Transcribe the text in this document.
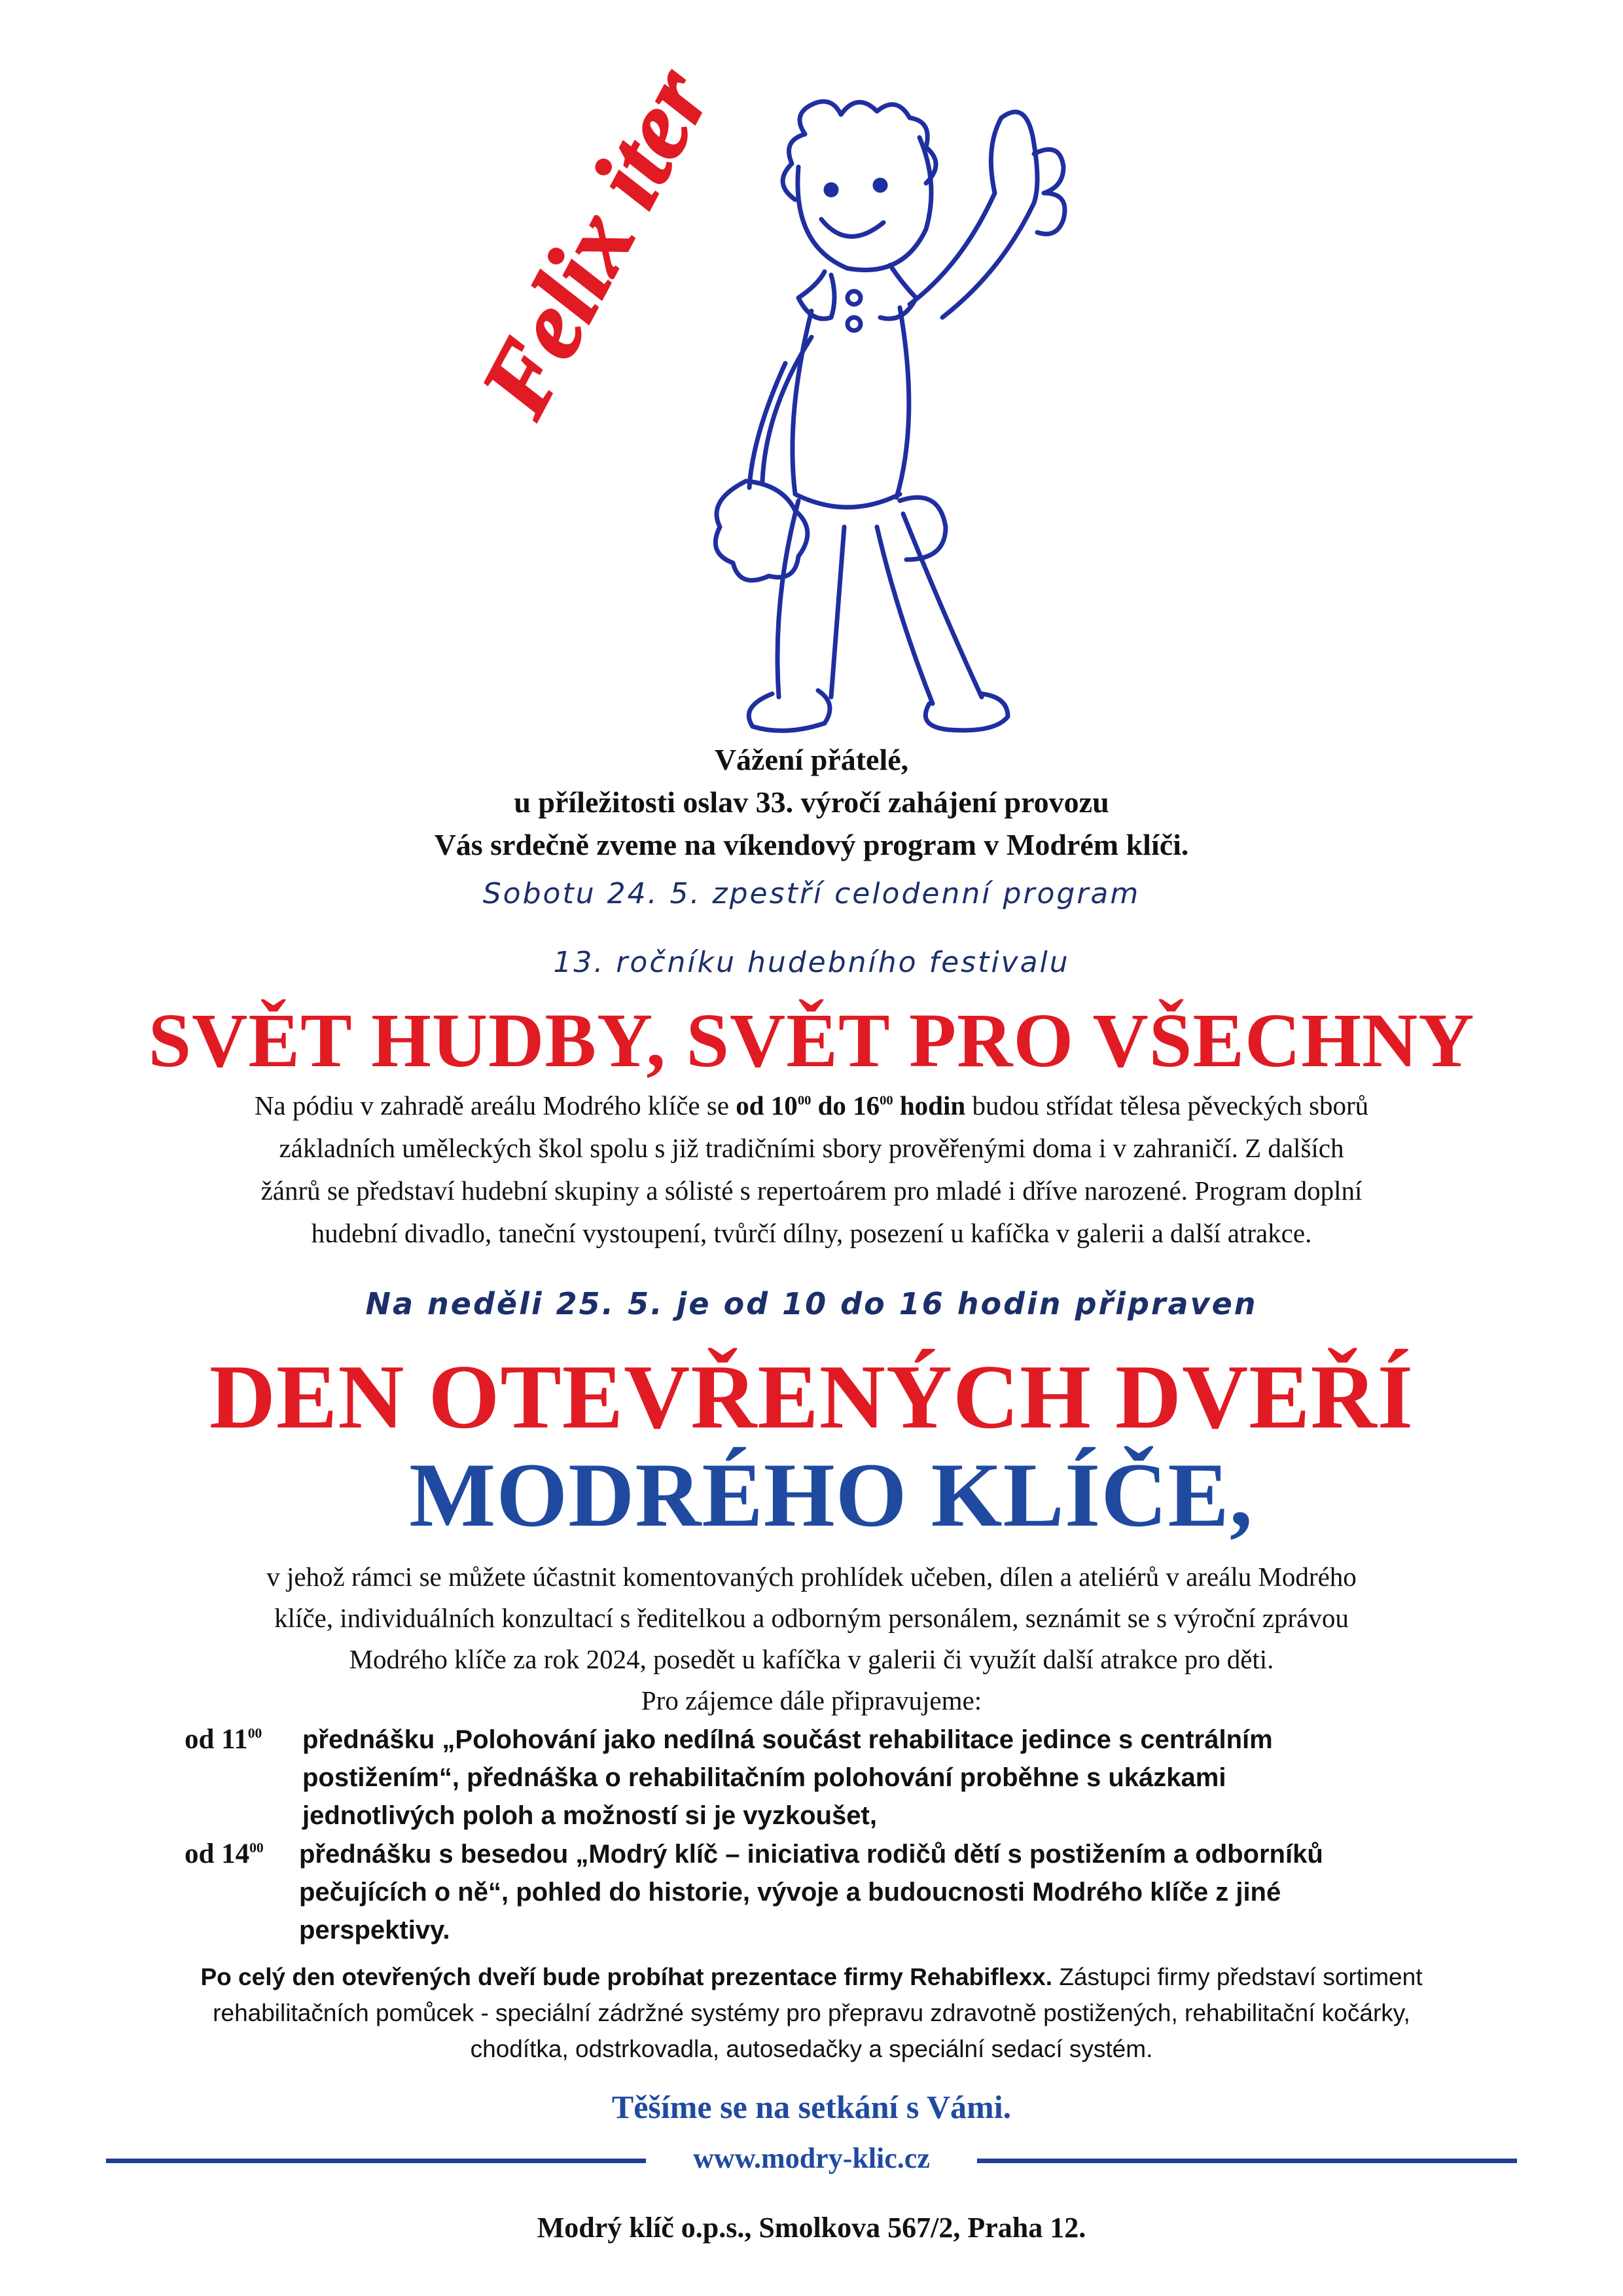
Felix iter
Vážení přátelé,
u příležitosti oslav 33. výročí zahájení provozu
Vás srdečně zveme na víkendový program v Modrém klíči.
Sobotu 24. 5. zpestří celodenní program
13. ročníku hudebního festivalu
SVĚT HUDBY, SVĚT PRO VŠECHNY
Na pódiu v zahradě areálu Modrého klíče se od $10^{00}$ do $16^{00}$ hodin budou střídat tělesa pěveckých sborů
základních uměleckých škol spolu s již tradičními sbory prověřenými doma i v zahraničí. Z dalších
žánrů se představí hudební skupiny a sólisté s repertoárem pro mladé i dříve narozené. Program doplní
hudební divadlo, taneční vystoupení, tvůrčí dílny, posezení u kafíčka v galerii a další atrakce.
Na neděli 25. 5. je od 10 do 16 hodin připraven
DEN OTEVŘENÝCH DVEŘÍ
MODRÉHO KLÍČE,
v jehož rámci se můžete účastnit komentovaných prohlídek učeben, dílen a ateliérů v areálu Modrého
klíče, individuálních konzultací s ředitelkou a odborným personálem, seznámit se s výroční zprávou
Modrého klíče za rok 2024, posedět u kafíčka v galerii či využít další atrakce pro děti.
Pro zájemce dále připravujeme:
od $11^{00}$ přednášku „Polohování jako nedílná součást rehabilitace jedince s centrálním
postižením“, přednáška o rehabilitačním polohování proběhne s ukázkami
jednotlivých poloh a možností si je vyzkoušet,
od $14^{00}$ přednášku s besedou „Modrý klíč – iniciativa rodičů dětí s postižením a odborníků
pečujících o ně“, pohled do historie, vývoje a budoucnosti Modrého klíče z jiné
perspektivy.
Po celý den otevřených dveří bude probíhat prezentace firmy Rehabiflexx. Zástupci firmy představí sortiment
rehabilitačních pomůcek - speciální zádržné systémy pro přepravu zdravotně postižených, rehabilitační kočárky,
chodítka, odstrkovadla, autosedačky a speciální sedací systém.
Těšíme se na setkání s Vámi.
www.modry-klic.cz
Modrý klíč o.p.s., Smolkova 567/2, Praha 12.
